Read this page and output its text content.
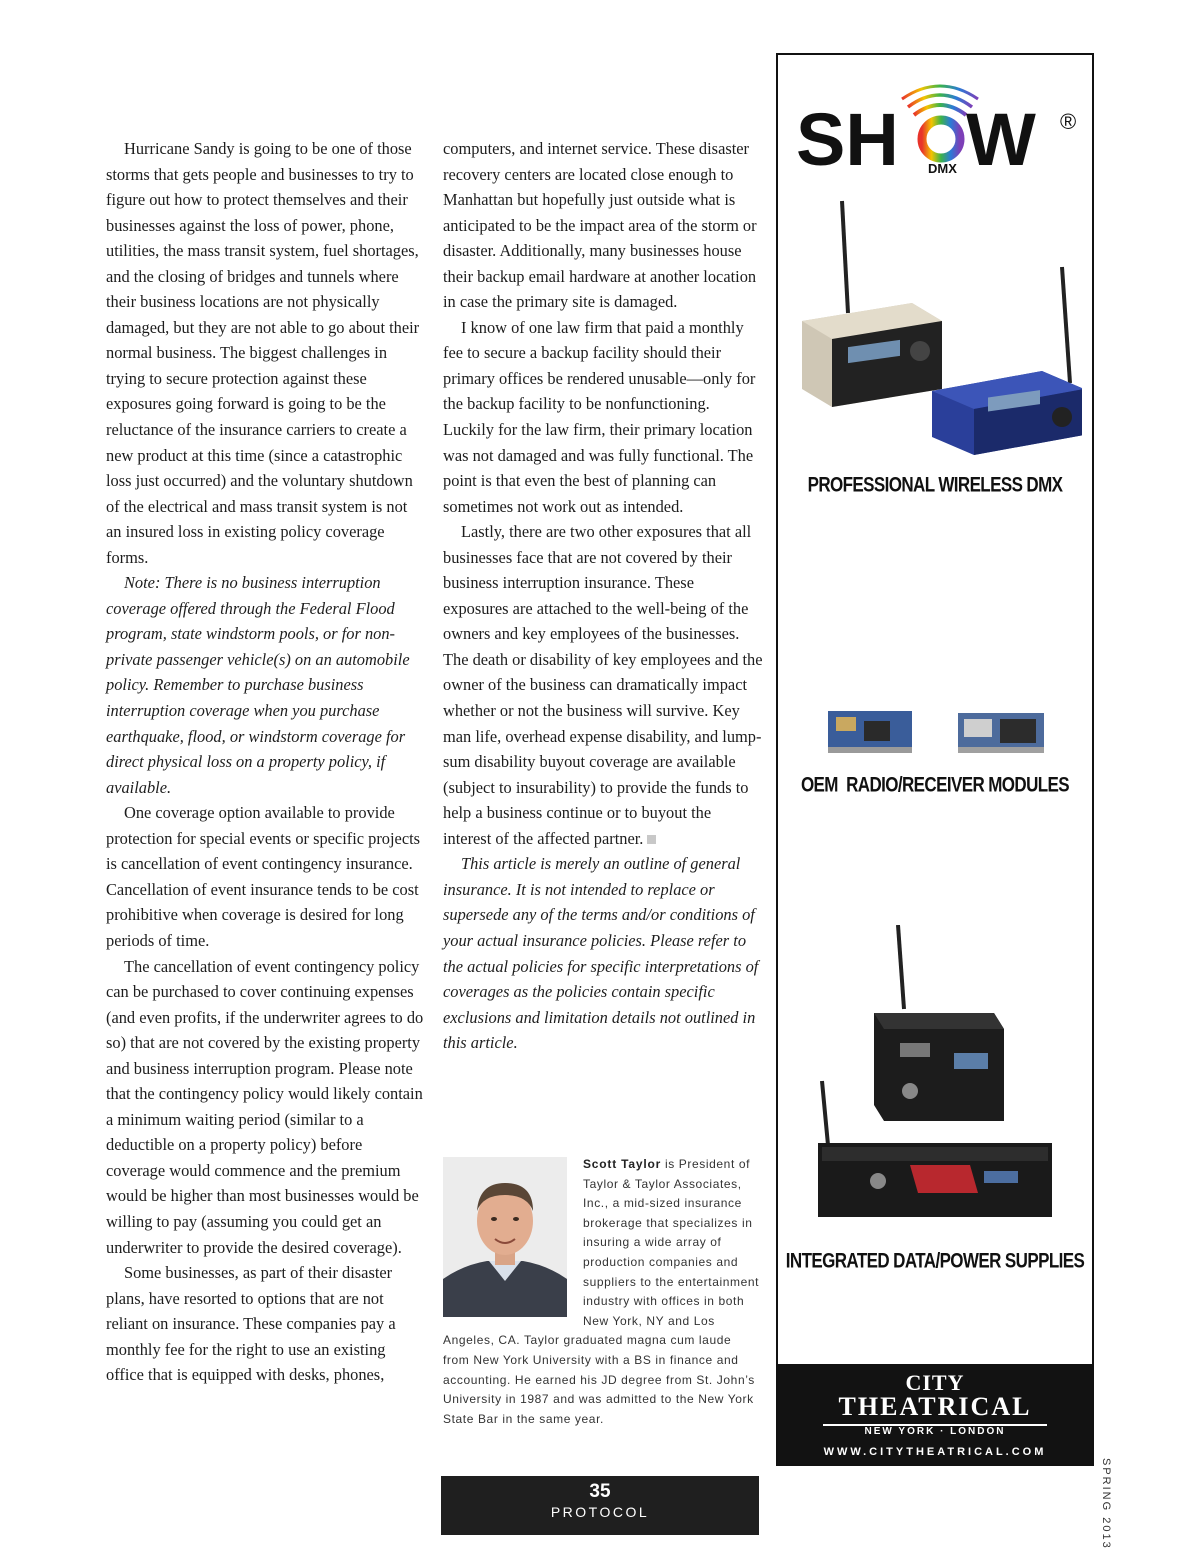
Hurricane Sandy is going to be one of those storms that gets people and businesses to try to figure out how to protect themselves and their businesses against the loss of power, phone, utilities, the mass transit system, fuel shortages, and the closing of bridges and tunnels where their business locations are not physically damaged, but they are not able to go about their normal business. The biggest challenges in trying to secure protection against these exposures going forward is going to be the reluctance of the insurance carriers to create a new product at this time (since a catastrophic loss just occurred) and the voluntary shutdown of the electrical and mass transit system is not an insured loss in existing policy coverage forms.

Note: There is no business interruption coverage offered through the Federal Flood program, state windstorm pools, or for non-private passenger vehicle(s) on an automobile policy. Remember to purchase business interruption coverage when you purchase earthquake, flood, or windstorm coverage for direct physical loss on a property policy, if available.

One coverage option available to provide protection for special events or specific projects is cancellation of event contingency insurance. Cancellation of event insurance tends to be cost prohibitive when coverage is desired for long periods of time.

The cancellation of event contingency policy can be purchased to cover continuing expenses (and even profits, if the underwriter agrees to do so) that are not covered by the existing property and business interruption program. Please note that the contingency policy would likely contain a minimum waiting period (similar to a deductible on a property policy) before coverage would commence and the premium would be higher than most businesses would be willing to pay (assuming you could get an underwriter to provide the desired coverage).

Some businesses, as part of their disaster plans, have resorted to options that are not reliant on insurance. These companies pay a monthly fee for the right to use an existing office that is equipped with desks, phones,

computers, and internet service. These disaster recovery centers are located close enough to Manhattan but hopefully just outside what is anticipated to be the impact area of the storm or disaster. Additionally, many businesses house their backup email hardware at another location in case the primary site is damaged.

I know of one law firm that paid a monthly fee to secure a backup facility should their primary offices be rendered unusable—only for the backup facility to be nonfunctioning. Luckily for the law firm, their primary location was not damaged and was fully functional. The point is that even the best of planning can sometimes not work out as intended.

Lastly, there are two other exposures that all businesses face that are not covered by their business interruption insurance. These exposures are attached to the well-being of the owners and key employees of the businesses. The death or disability of key employees and the owner of the business can dramatically impact whether or not the business will survive. Key man life, overhead expense disability, and lump-sum disability buyout coverage are available (subject to insurability) to provide the funds to help a business continue or to buyout the interest of the affected partner.

This article is merely an outline of general insurance. It is not intended to replace or supersede any of the terms and/or conditions of your actual insurance policies. Please refer to the actual policies for specific interpretations of coverages as the policies contain specific exclusions and limitation details not outlined in this article.

Scott Taylor is President of Taylor & Taylor Associates, Inc., a mid-sized insurance brokerage that specializes in insuring a wide array of production companies and suppliers to the entertainment industry with offices in both New York, NY and Los Angeles, CA. Taylor graduated magna cum laude from New York University with a BS in finance and accounting. He earned his JD degree from St. John’s University in 1987 and was admitted to the New York State Bar in the same year.
35
PROTOCOL	SPRING 2013
SH W
DMX
®
PROFESSIONAL WIRELESS DMX
OEM  RADIO/RECEIVER MODULES
INTEGRATED DATA/POWER SUPPLIES
CITY
THEATRICAL
NEW YORK · LONDON
WWW.CITYTHEATRICAL.COM
